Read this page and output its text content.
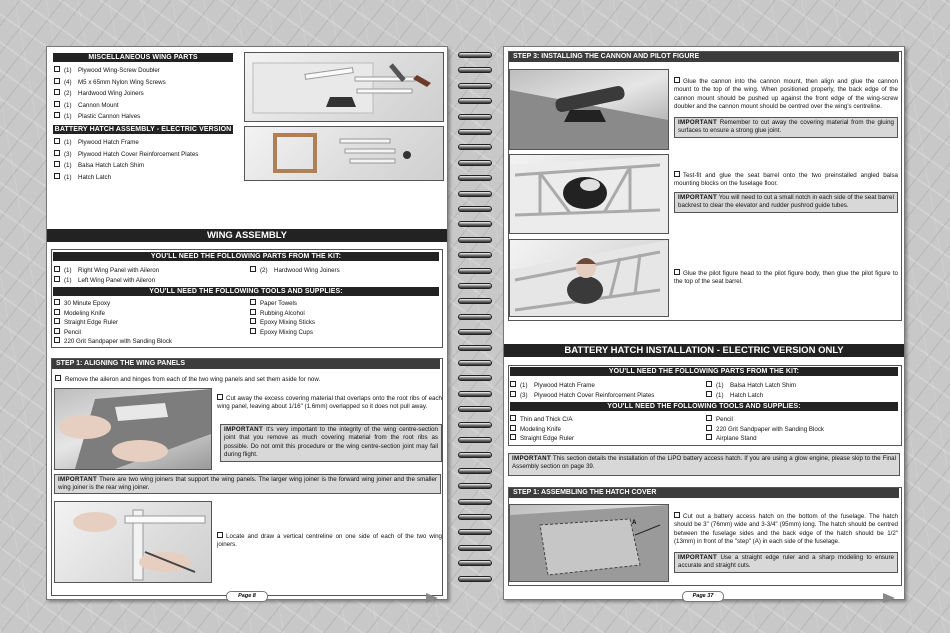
MISCELLANEOUS WING PARTS
(1) Plywood Wing-Screw Doubler
(4) M5 x 65mm Nylon Wing Screws
(2) Hardwood Wing Joiners
(1) Cannon Mount
(1) Plastic Cannon Halves
BATTERY HATCH ASSEMBLY - ELECTRIC VERSION
(1) Plywood Hatch Frame
(3) Plywood Hatch Cover Reinforcement Plates
(1) Balsa Hatch Latch Shim
(1) Hatch Latch
WING ASSEMBLY
YOU'LL NEED THE FOLLOWING PARTS FROM THE KIT:
(1) Right Wing Panel with Aileron
(1) Left Wing Panel with Aileron
(2) Hardwood Wing Joiners
YOU'LL NEED THE FOLLOWING TOOLS AND SUPPLIES:
30 Minute Epoxy
Modeling Knife
Straight Edge Ruler
Pencil
220 Grit Sandpaper with Sanding Block
Paper Towels
Rubbing Alcohol
Epoxy Mixing Sticks
Epoxy Mixing Cups
STEP 1: ALIGNING THE WING PANELS
Remove the aileron and hinges from each of the two wing panels and set them aside for now.
Cut away the excess covering material that overlaps onto the root ribs of each wing panel, leaving about 1/16" (1.6mm) overlapped so it does not pull away.
IMPORTANT It's very important to the integrity of the wing centre-section joint that you remove as much covering material from the root ribs as possible. Do not omit this procedure or the wing centre-section joint may fail during flight.
IMPORTANT There are two wing joiners that support the wing panels. The larger wing joiner is the forward wing joiner and the smaller wing joiner is the rear wing joiner.
Locate and draw a vertical centreline on one side of each of the two wing joiners.
Page 8
STEP 3: INSTALLING THE CANNON AND PILOT FIGURE
Glue the cannon into the cannon mount, then align and glue the cannon mount to the top of the wing. When positioned properly, the back edge of the cannon mount should be pushed up against the front edge of the wing-screw doubler and the cannon mount should be centred over the wing's centreline.
IMPORTANT Remember to cut away the covering material from the gluing surfaces to ensure a strong glue joint.
Test-fit and glue the seat barrel onto the two preinstalled angled balsa mounting blocks on the fuselage floor.
IMPORTANT You will need to cut a small notch in each side of the seat barrel backrest to clear the elevator and rudder pushrod guide tubes.
Glue the pilot figure head to the pilot figure body, then glue the pilot figure to the top of the seat barrel.
BATTERY HATCH INSTALLATION - ELECTRIC VERSION ONLY
YOU'LL NEED THE FOLLOWING PARTS FROM THE KIT:
(1) Plywood Hatch Frame
(3) Plywood Hatch Cover Reinforcement Plates
(1) Balsa Hatch Latch Shim
(1) Hatch Latch
YOU'LL NEED THE FOLLOWING TOOLS AND SUPPLIES:
Thin and Thick C/A
Modeling Knife
Straight Edge Ruler
Pencil
220 Grit Sandpaper with Sanding Block
Airplane Stand
IMPORTANT This section details the installation of the LiPO battery access hatch. If you are using a glow engine, please skip to the Final Assembly section on page 39.
STEP 1: ASSEMBLING THE HATCH COVER
A
Cut out a battery access hatch on the bottom of the fuselage. The hatch should be 3" (76mm) wide and 3-3/4" (95mm) long. The hatch should be centred between the fuselage sides and the back edge of the hatch should be 1/2" (13mm) in front of the "step" (A) in each side of the fuselage.
IMPORTANT Use a straight edge ruler and a sharp modeling to ensure accurate and straight cuts.
Page 37
